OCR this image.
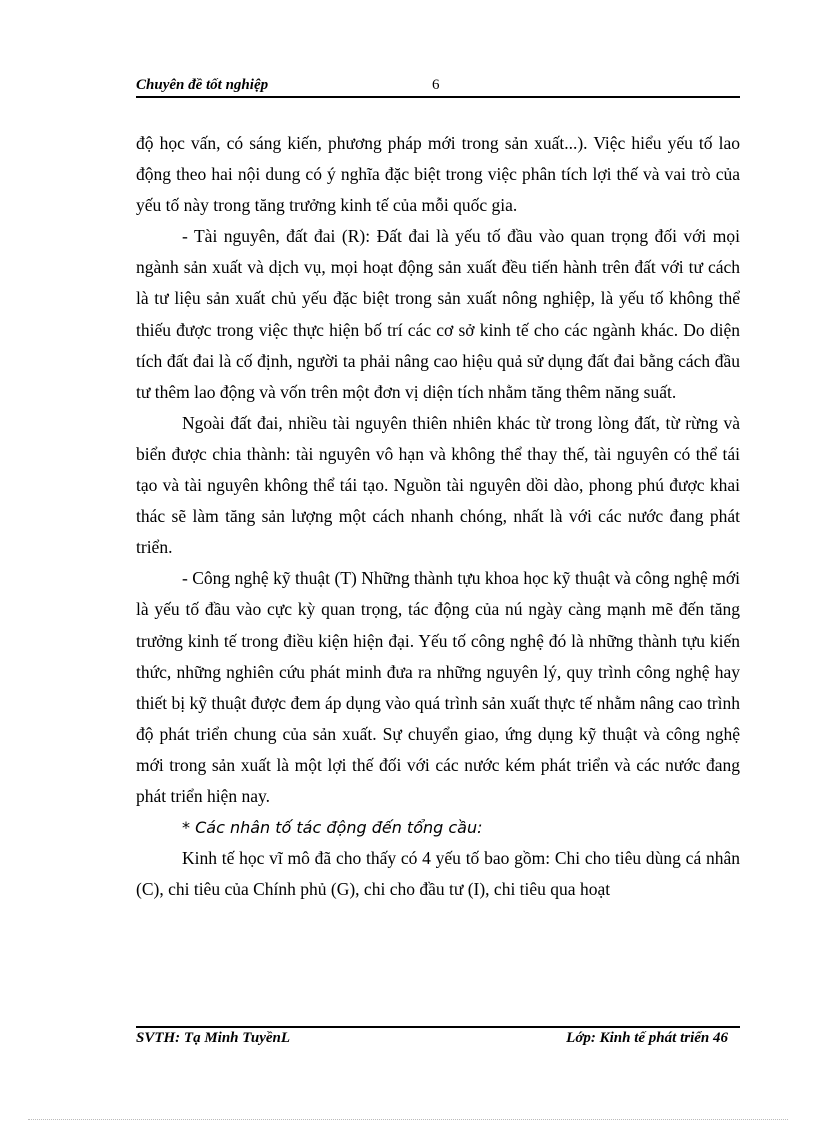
Chuyên đề tốt nghiệp	6

độ học vấn, có sáng kiến, phương pháp mới trong sản xuất...). Việc hiểu yếu tố lao động theo hai nội dung có ý nghĩa đặc biệt trong việc phân tích lợi thế và vai trò của yếu tố này trong tăng trưởng kinh tế của mỗi quốc gia.

- Tài nguyên, đất đai (R): Đất đai là yếu tố đầu vào quan trọng đối với mọi ngành sản xuất và dịch vụ, mọi hoạt động sản xuất đều tiến hành trên đất với tư cách là tư liệu sản xuất chủ yếu đặc biệt trong sản xuất nông nghiệp, là yếu tố không thể thiếu được trong việc thực hiện bố trí các cơ sở kinh tế cho các ngành khác. Do diện tích đất đai là cố định, người ta phải nâng cao hiệu quả sử dụng đất đai bằng cách đầu tư thêm lao động và vốn trên một đơn vị diện tích nhằm tăng thêm năng suất.

Ngoài đất đai, nhiều tài nguyên thiên nhiên khác từ trong lòng đất, từ rừng và biển được chia thành: tài nguyên vô hạn và không thể thay thế, tài nguyên có thể tái tạo và tài nguyên không thể tái tạo. Nguồn tài nguyên dồi dào, phong phú được khai thác sẽ làm tăng sản lượng một cách nhanh chóng, nhất là với các nước đang phát triển.

- Công nghệ kỹ thuật (T) Những thành tựu khoa học kỹ thuật và công nghệ mới là yếu tố đầu vào cực kỳ quan trọng, tác động của nú ngày càng mạnh mẽ đến tăng trưởng kinh tế trong điều kiện hiện đại. Yếu tố công nghệ đó là những thành tựu kiến thức, những nghiên cứu phát minh đưa ra những nguyên lý, quy trình công nghệ hay thiết bị kỹ thuật được đem áp dụng vào quá trình sản xuất thực tế nhằm nâng cao trình độ phát triển chung của sản xuất. Sự chuyển giao, ứng dụng kỹ thuật và công nghệ mới trong sản xuất là một lợi thế đối với các nước kém phát triển và các nước đang phát triển hiện nay.

* Các nhân tố tác động đến tổng cầu:

Kinh tế học vĩ mô đã cho thấy có 4 yếu tố bao gồm: Chi cho tiêu dùng cá nhân (C), chi tiêu của Chính phủ (G), chi cho đầu tư (I), chi tiêu qua hoạt

SVTH: Tạ Minh TuyềnL	Lớp: Kinh tế phát triển 46
